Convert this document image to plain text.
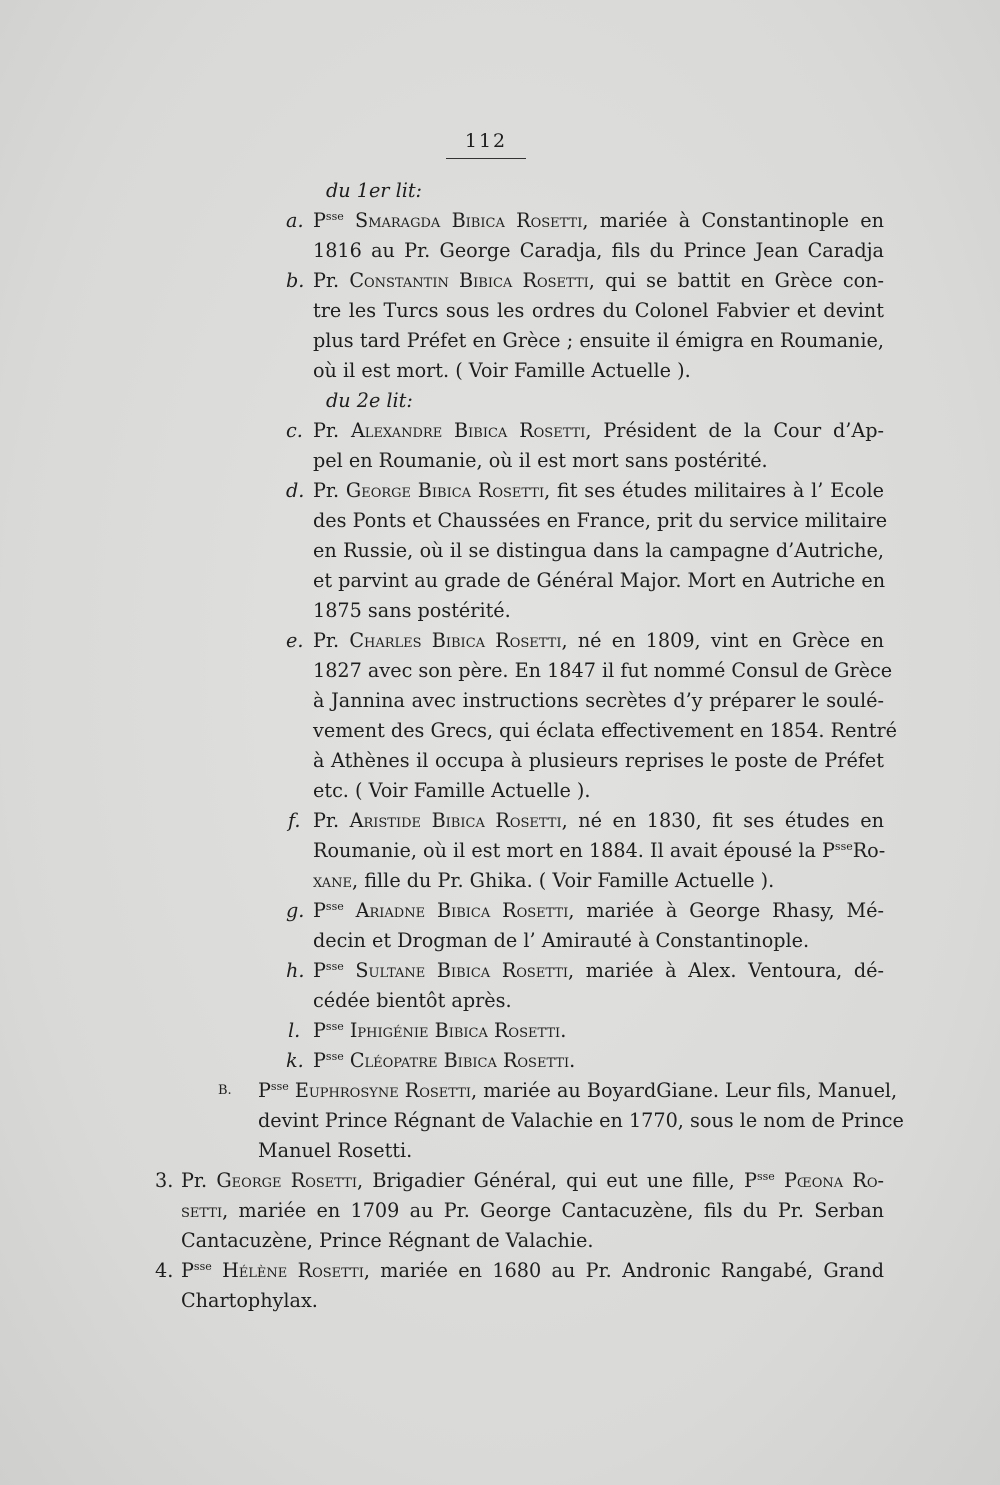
112
du 1er lit:
a. $P^{sse}$ Smaragda Bibica Rosetti, mariée à Constantinople en
1816 au Pr. George Caradja, fils du Prince Jean Caradja
b. Pr. Constantin Bibica Rosetti, qui se battit en Grèce con-
tre les Turcs sous les ordres du Colonel Fabvier et devint
plus tard Préfet en Grèce ; ensuite il émigra en Roumanie,
où il est mort. ( Voir Famille Actuelle ).
du 2e lit:
c. Pr. Alexandre Bibica Rosetti, Président de la Cour d’Ap-
pel en Roumanie, où il est mort sans postérité.
d. Pr. George Bibica Rosetti, fit ses études militaires à l’ Ecole
des Ponts et Chaussées en France, prit du service militaire
en Russie, où il se distingua dans la campagne d’Autriche,
et parvint au grade de Général Major. Mort en Autriche en
1875 sans postérité.
e. Pr. Charles Bibica Rosetti, né en 1809, vint en Grèce en
1827 avec son père. En 1847 il fut nommé Consul de Grèce
à Jannina avec instructions secrètes d’y préparer le soulé-
vement des Grecs, qui éclata effectivement en 1854. Rentré
à Athènes il occupa à plusieurs reprises le poste de Préfet
etc. ( Voir Famille Actuelle ).
f. Pr. Aristide Bibica Rosetti, né en 1830, fit ses études en
Roumanie, où il est mort en 1884. Il avait épousé la $P^{sse}Ro-$
xane, fille du Pr. Ghika. ( Voir Famille Actuelle ).
g. $P^{sse}$ Ariadne Bibica Rosetti, mariée à George Rhasy, Mé-
decin et Drogman de l’ Amirauté à Constantinople.
h. $P^{sse}$ Sultane Bibica Rosetti, mariée à Alex. Ventoura, dé-
cédée bientôt après.
l. $P^{sse}$ Iphigénie Bibica Rosetti.
k. $P^{sse}$ Cléopatre Bibica Rosetti.
B. $P^{sse}$ Euphrosyne Rosetti, mariée au BoyardGiane. Leur fils, Manuel,
devint Prince Régnant de Valachie en 1770, sous le nom de Prince
Manuel Rosetti.
3. Pr. George Rosetti, Brigadier Général, qui eut une fille, $P^{sse}$ Pœona Ro-
setti, mariée en 1709 au Pr. George Cantacuzène, fils du Pr. Serban
Cantacuzène, Prince Régnant de Valachie.
4. $P^{sse}$ Hélène Rosetti, mariée en 1680 au Pr. Andronic Rangabé, Grand
Chartophylax.
